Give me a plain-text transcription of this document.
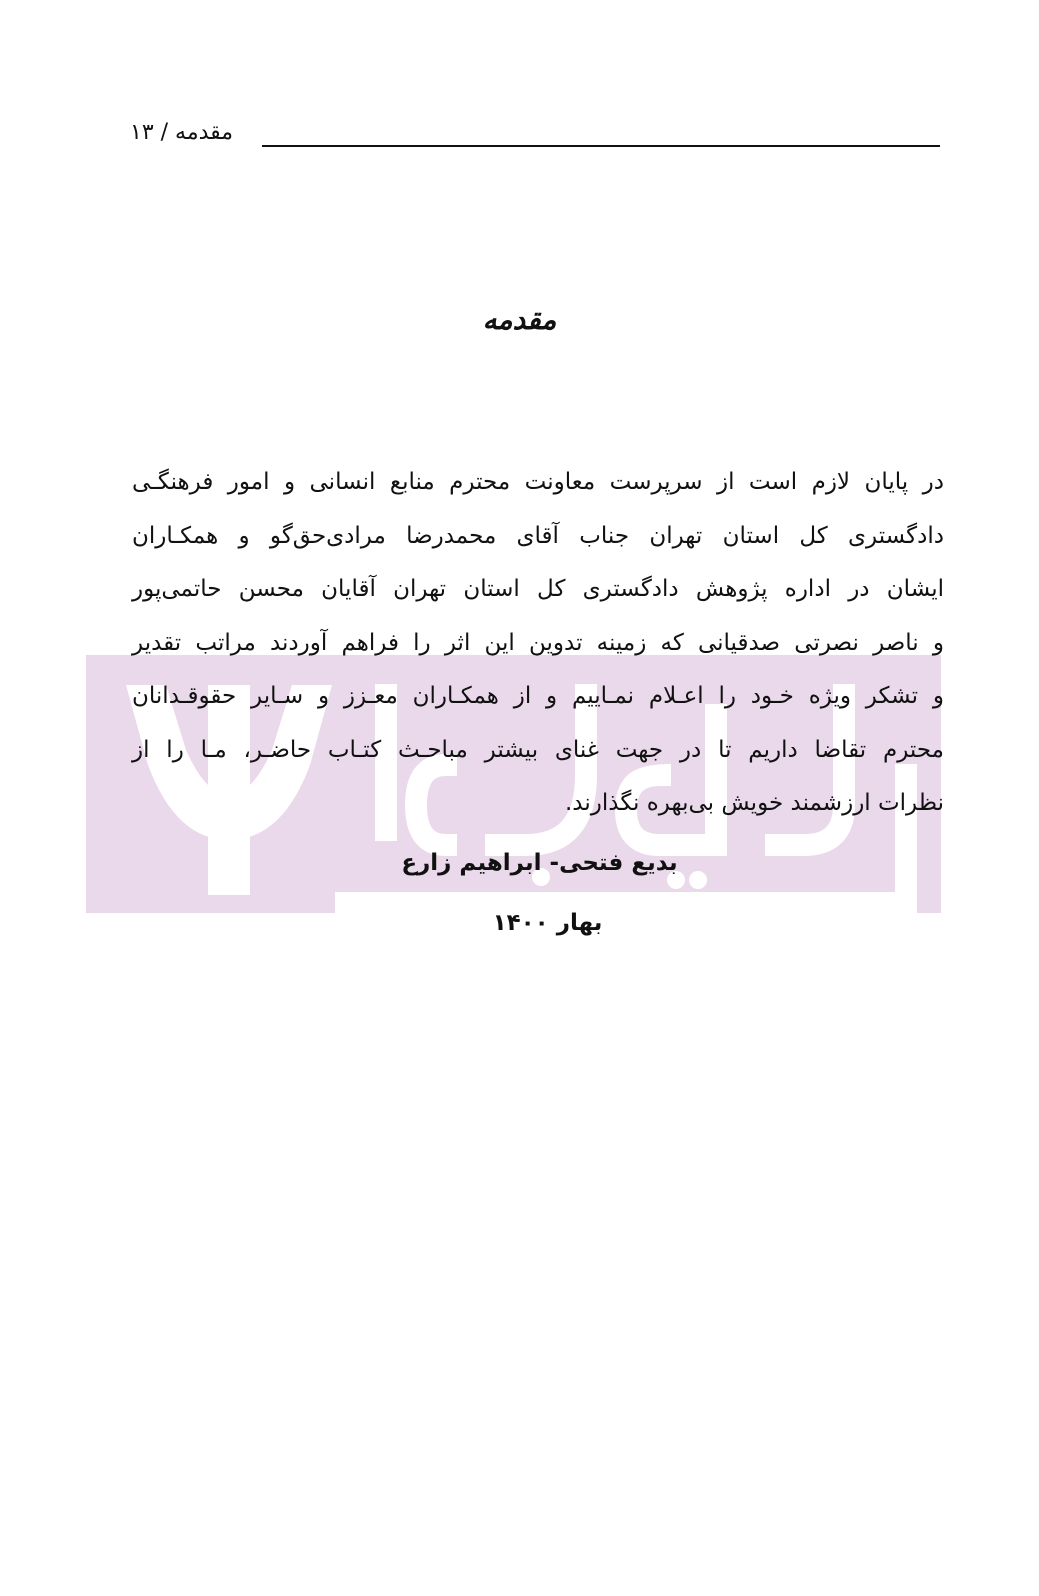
مقدمه / ۱۳
مقدمه
در پایان لازم است از سرپرست معاونت محترم منابع انسانی و امور فرهنگـی
دادگستری کل استان تهران جناب آقای محمدرضا مرادی‌حق‌گو و همکـاران
ایشان در اداره پژوهش دادگستری کل استان تهران آقایان محسن حاتمی‌پور
و ناصر نصرتی صدقیانی که زمینه تدوین این اثر را فراهم آوردند مراتب تقدیر
و تشکر ویژه خـود را اعـلام نمـاییم و از همکـاران معـزز و سـایر حقوقـدانان
محترم تقاضا داریم تا در جهت غنای بیشتر مباحـث کتـاب حاضـر، مـا را از
نظرات ارزشمند خویش بی‌بهره نگذارند.
بدیع فتحی- ابراهیم زارع
بهار ۱۴۰۰
